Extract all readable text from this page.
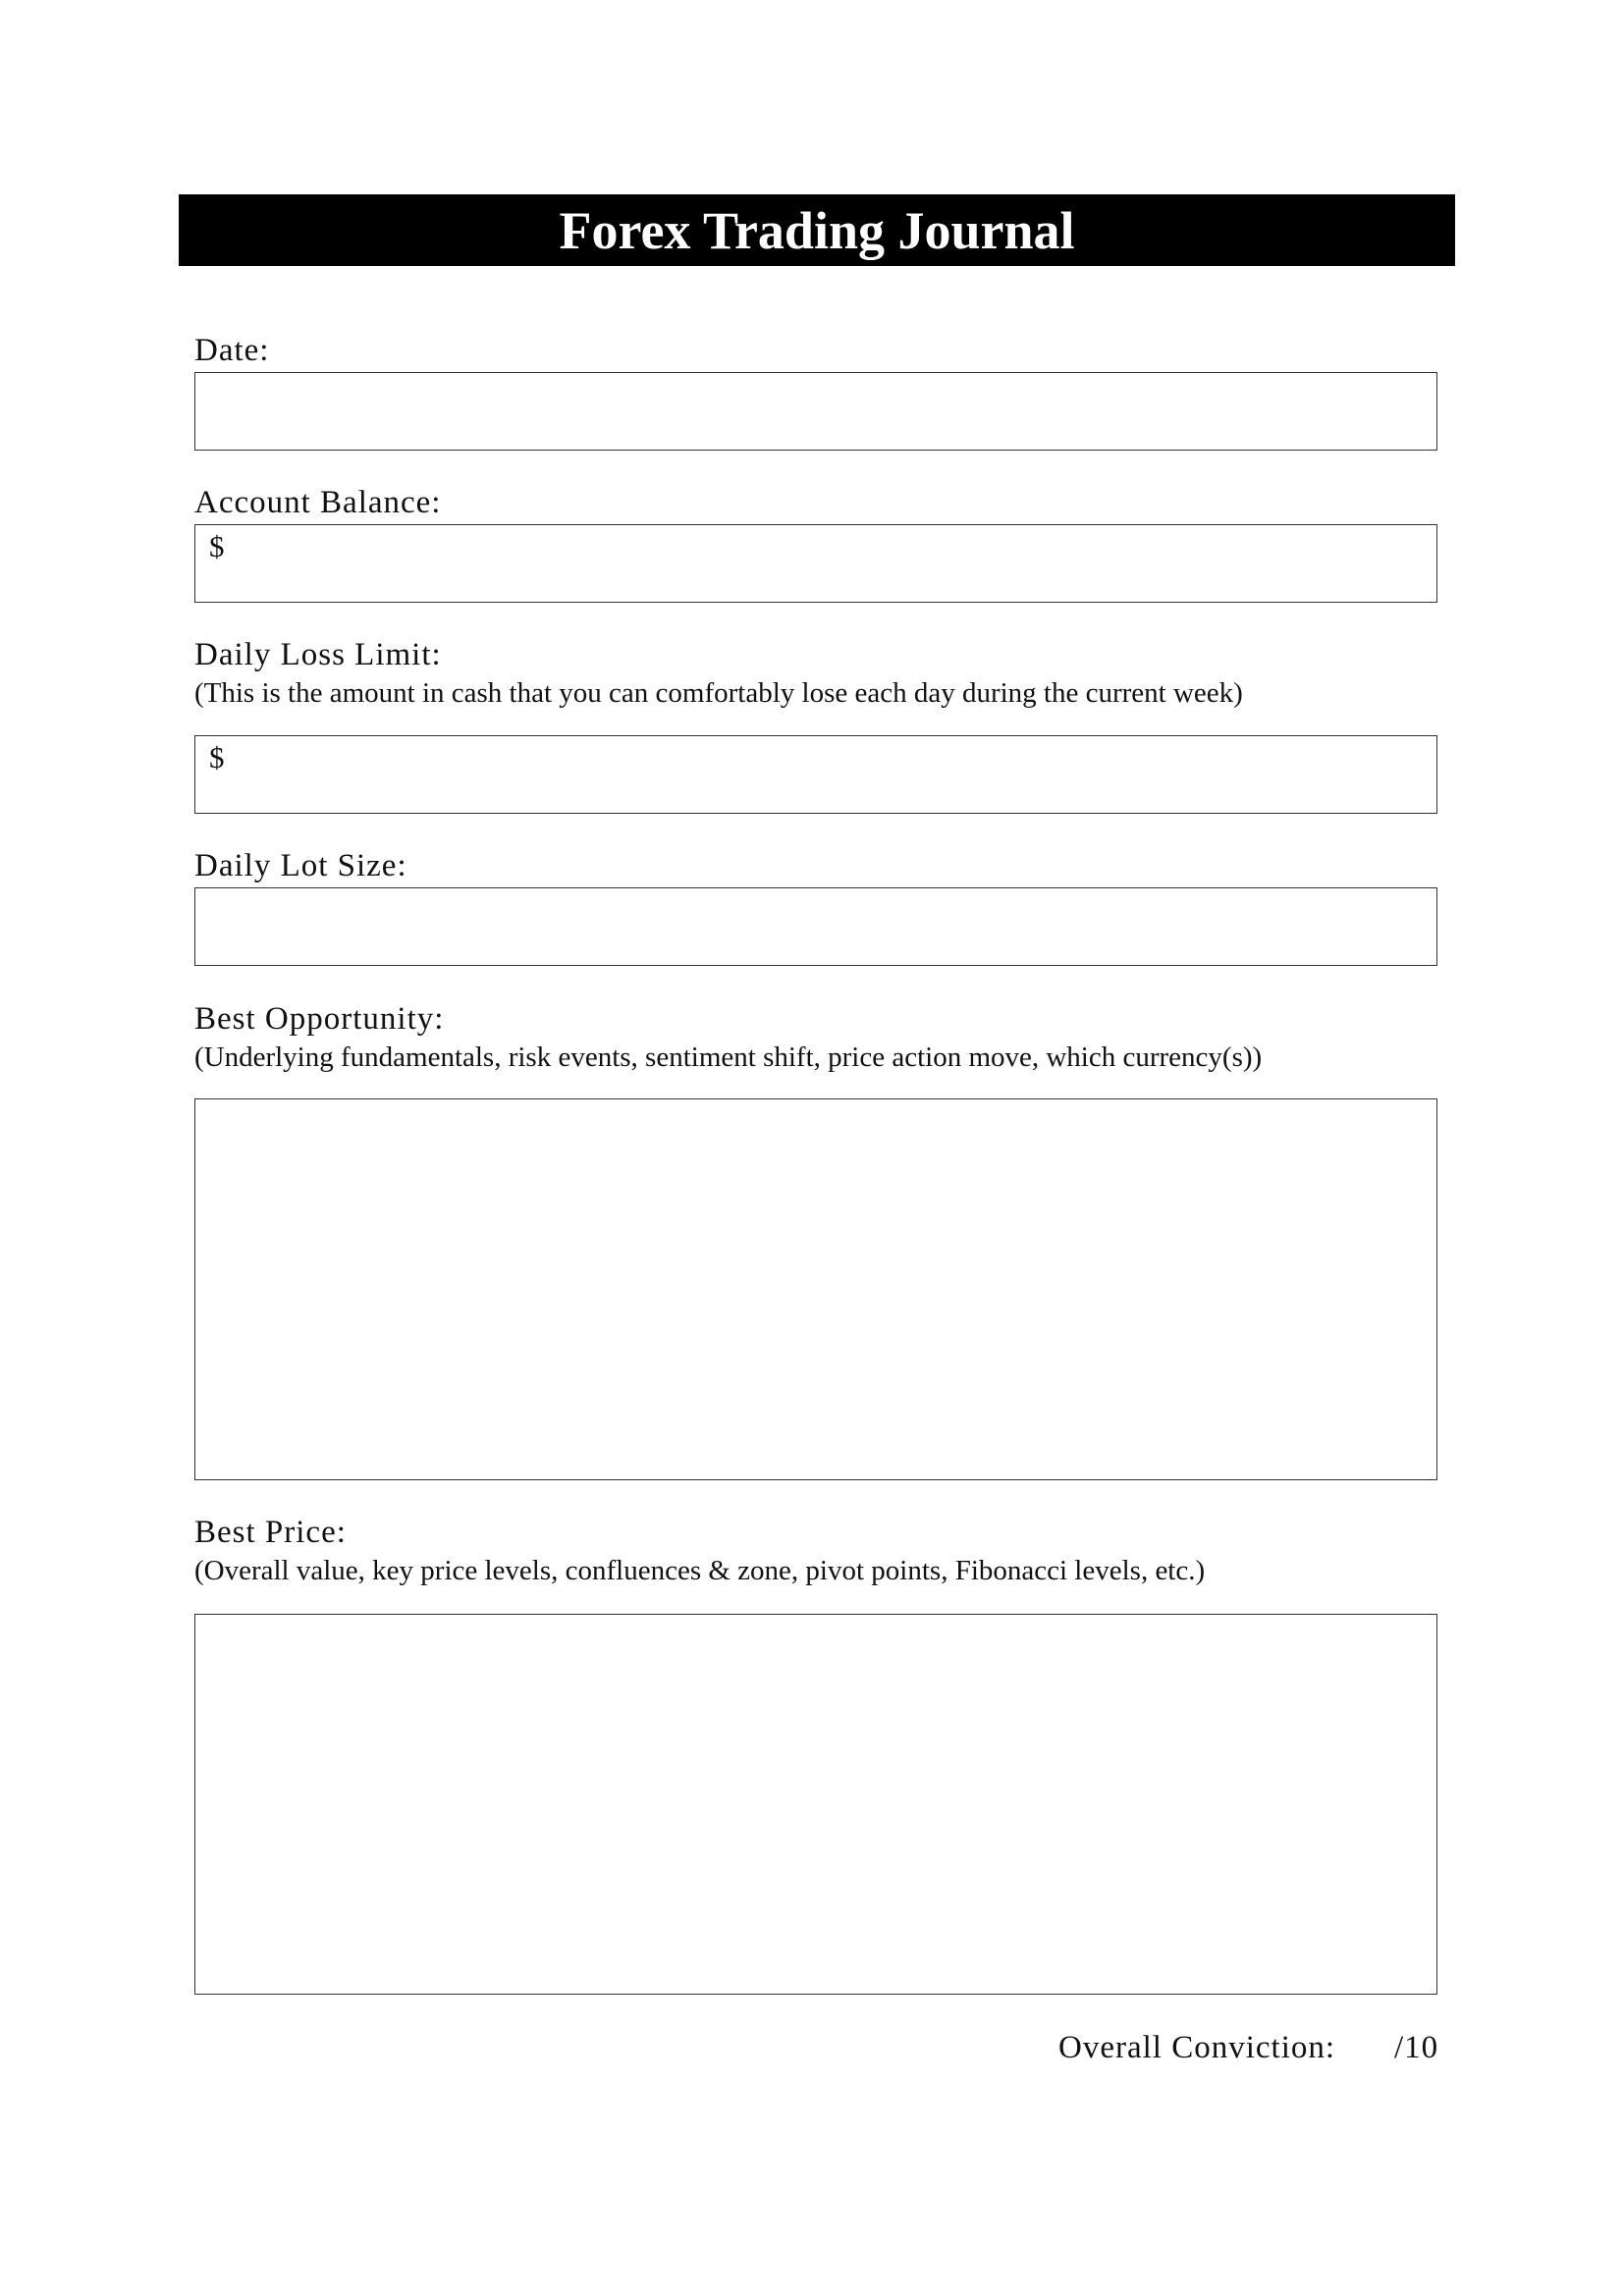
Forex Trading Journal
Date:
Account Balance:
$
Daily Loss Limit:
(This is the amount in cash that you can comfortably lose each day during the current week)
$
Daily Lot Size:
Best Opportunity:
(Underlying fundamentals, risk events, sentiment shift, price action move, which currency(s))
Best Price:
(Overall value, key price levels, confluences & zone, pivot points, Fibonacci levels, etc.)
Overall Conviction: /10
